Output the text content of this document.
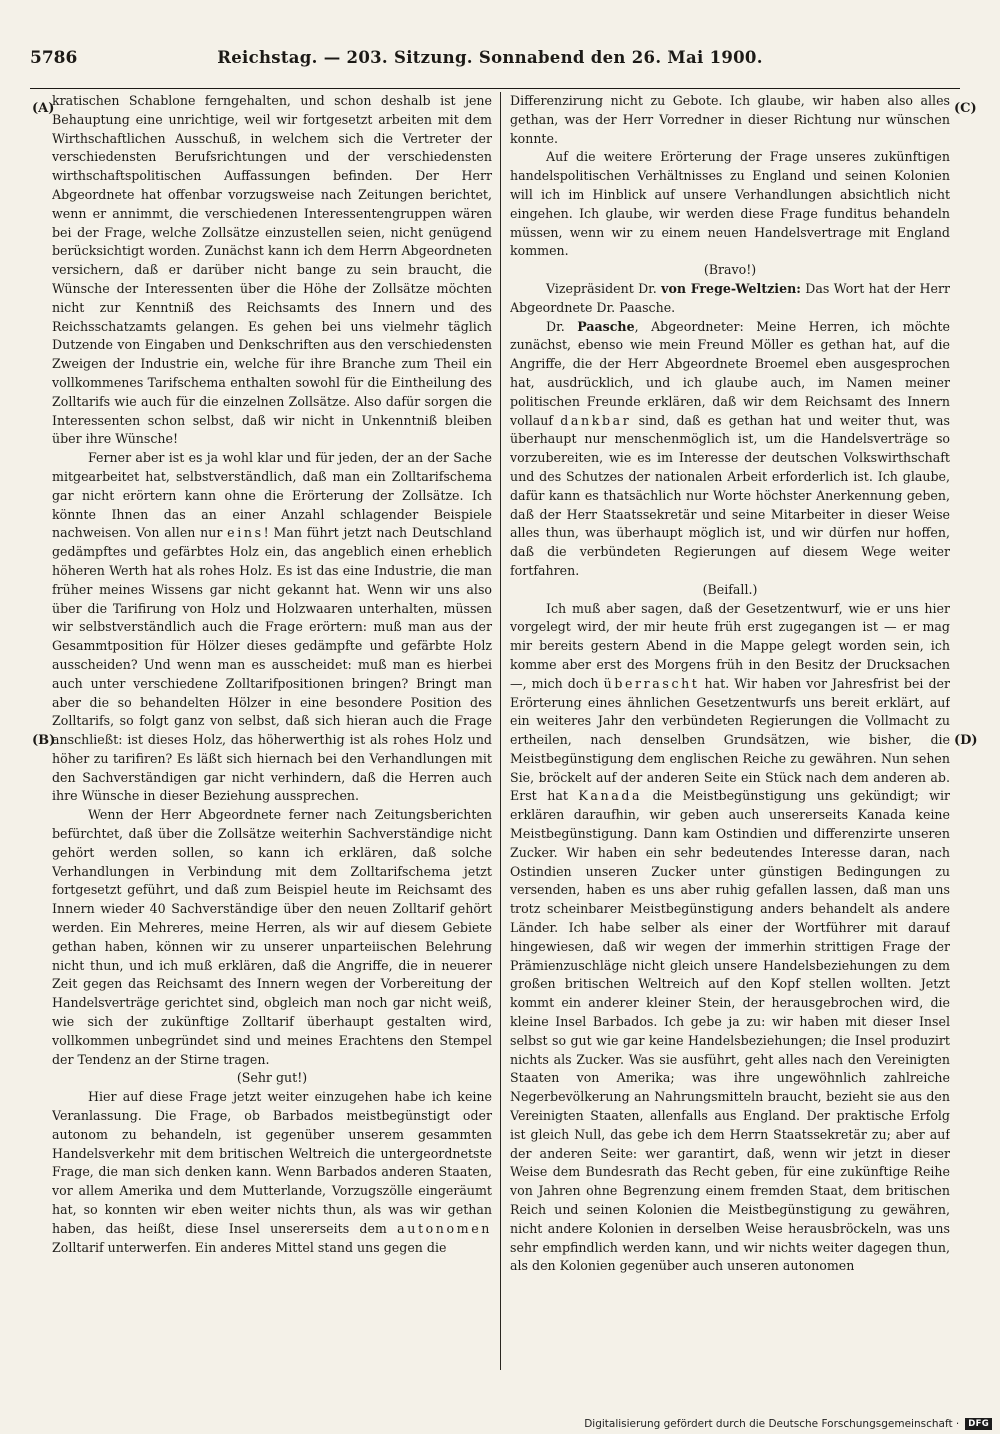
5786	Reichstag. — 203. Sitzung. Sonnabend den 26. Mai 1900.
(A)
(B)
(C)
(D)

kratischen Schablone ferngehalten, und schon deshalb ist jene Behauptung eine unrichtige, weil wir fortgesetzt arbeiten mit dem Wirthschaftlichen Ausschuß, in welchem sich die Vertreter der verschiedensten Berufsrichtungen und der verschiedensten wirthschaftspolitischen Auffassungen befinden. Der Herr Abgeordnete hat offenbar vorzugsweise nach Zeitungen berichtet, wenn er annimmt, die verschiedenen Interessentengruppen wären bei der Frage, welche Zollsätze einzustellen seien, nicht genügend berücksichtigt worden. Zunächst kann ich dem Herrn Abgeordneten versichern, daß er darüber nicht bange zu sein braucht, die Wünsche der Interessenten über die Höhe der Zollsätze möchten nicht zur Kenntniß des Reichsamts des Innern und des Reichsschatzamts gelangen. Es gehen bei uns vielmehr täglich Dutzende von Eingaben und Denkschriften aus den verschiedensten Zweigen der Industrie ein, welche für ihre Branche zum Theil ein vollkommenes Tarifschema enthalten sowohl für die Eintheilung des Zolltarifs wie auch für die einzelnen Zollsätze. Also dafür sorgen die Interessenten schon selbst, daß wir nicht in Unkenntniß bleiben über ihre Wünsche!

Ferner aber ist es ja wohl klar und für jeden, der an der Sache mitgearbeitet hat, selbstverständlich, daß man ein Zolltarifschema gar nicht erörtern kann ohne die Erörterung der Zollsätze. Ich könnte Ihnen das an einer Anzahl schlagender Beispiele nachweisen. Von allen nur eins! Man führt jetzt nach Deutschland gedämpftes und gefärbtes Holz ein, das angeblich einen erheblich höheren Werth hat als rohes Holz. Es ist das eine Industrie, die man früher meines Wissens gar nicht gekannt hat. Wenn wir uns also über die Tarifirung von Holz und Holzwaaren unterhalten, müssen wir selbstverständlich auch die Frage erörtern: muß man aus der Gesammtposition für Hölzer dieses gedämpfte und gefärbte Holz ausscheiden? Und wenn man es ausscheidet: muß man es hierbei auch unter verschiedene Zolltarifpositionen bringen? Bringt man aber die so behandelten Hölzer in eine besondere Position des Zolltarifs, so folgt ganz von selbst, daß sich hieran auch die Frage anschließt: ist dieses Holz, das höherwerthig ist als rohes Holz und höher zu tarifiren? Es läßt sich hiernach bei den Verhandlungen mit den Sachverständigen gar nicht verhindern, daß die Herren auch ihre Wünsche in dieser Beziehung aussprechen.

Wenn der Herr Abgeordnete ferner nach Zeitungsberichten befürchtet, daß über die Zollsätze weiterhin Sachverständige nicht gehört werden sollen, so kann ich erklären, daß solche Verhandlungen in Verbindung mit dem Zolltarifschema jetzt fortgesetzt geführt, und daß zum Beispiel heute im Reichsamt des Innern wieder 40 Sachverständige über den neuen Zolltarif gehört werden. Ein Mehreres, meine Herren, als wir auf diesem Gebiete gethan haben, können wir zu unserer unparteiischen Belehrung nicht thun, und ich muß erklären, daß die Angriffe, die in neuerer Zeit gegen das Reichsamt des Innern wegen der Vorbereitung der Handelsverträge gerichtet sind, obgleich man noch gar nicht weiß, wie sich der zukünftige Zolltarif überhaupt gestalten wird, vollkommen unbegründet sind und meines Erachtens den Stempel der Tendenz an der Stirne tragen.

(Sehr gut!)

Hier auf diese Frage jetzt weiter einzugehen habe ich keine Veranlassung. Die Frage, ob Barbados meistbegünstigt oder autonom zu behandeln, ist gegenüber unserem gesammten Handelsverkehr mit dem britischen Weltreich die untergeordnetste Frage, die man sich denken kann. Wenn Barbados anderen Staaten, vor allem Amerika und dem Mutterlande, Vorzugszölle eingeräumt hat, so konnten wir eben weiter nichts thun, als was wir gethan haben, das heißt, diese Insel unsererseits dem autonomen Zolltarif unterwerfen. Ein anderes Mittel stand uns gegen die

Differenzirung nicht zu Gebote. Ich glaube, wir haben also alles gethan, was der Herr Vorredner in dieser Richtung nur wünschen konnte.

Auf die weitere Erörterung der Frage unseres zukünftigen handelspolitischen Verhältnisses zu England und seinen Kolonien will ich im Hinblick auf unsere Verhandlungen absichtlich nicht eingehen. Ich glaube, wir werden diese Frage funditus behandeln müssen, wenn wir zu einem neuen Handelsvertrage mit England kommen.

(Bravo!)

Vizepräsident Dr. von Frege-Weltzien: Das Wort hat der Herr Abgeordnete Dr. Paasche.

Dr. Paasche, Abgeordneter: Meine Herren, ich möchte zunächst, ebenso wie mein Freund Möller es gethan hat, auf die Angriffe, die der Herr Abgeordnete Broemel eben ausgesprochen hat, ausdrücklich, und ich glaube auch, im Namen meiner politischen Freunde erklären, daß wir dem Reichsamt des Innern vollauf dankbar sind, daß es gethan hat und weiter thut, was überhaupt nur menschenmöglich ist, um die Handelsverträge so vorzubereiten, wie es im Interesse der deutschen Volkswirthschaft und des Schutzes der nationalen Arbeit erforderlich ist. Ich glaube, dafür kann es thatsächlich nur Worte höchster Anerkennung geben, daß der Herr Staatssekretär und seine Mitarbeiter in dieser Weise alles thun, was überhaupt möglich ist, und wir dürfen nur hoffen, daß die verbündeten Regierungen auf diesem Wege weiter fortfahren.

(Beifall.)

Ich muß aber sagen, daß der Gesetzentwurf, wie er uns hier vorgelegt wird, der mir heute früh erst zugegangen ist — er mag mir bereits gestern Abend in die Mappe gelegt worden sein, ich komme aber erst des Morgens früh in den Besitz der Drucksachen —, mich doch überrascht hat. Wir haben vor Jahresfrist bei der Erörterung eines ähnlichen Gesetzentwurfs uns bereit erklärt, auf ein weiteres Jahr den verbündeten Regierungen die Vollmacht zu ertheilen, nach denselben Grundsätzen, wie bisher, die Meistbegünstigung dem englischen Reiche zu gewähren. Nun sehen Sie, bröckelt auf der anderen Seite ein Stück nach dem anderen ab. Erst hat Kanada die Meistbegünstigung uns gekündigt; wir erklären daraufhin, wir geben auch unsererseits Kanada keine Meistbegünstigung. Dann kam Ostindien und differenzirte unseren Zucker. Wir haben ein sehr bedeutendes Interesse daran, nach Ostindien unseren Zucker unter günstigen Bedingungen zu versenden, haben es uns aber ruhig gefallen lassen, daß man uns trotz scheinbarer Meistbegünstigung anders behandelt als andere Länder. Ich habe selber als einer der Wortführer mit darauf hingewiesen, daß wir wegen der immerhin strittigen Frage der Prämienzuschläge nicht gleich unsere Handelsbeziehungen zu dem großen britischen Weltreich auf den Kopf stellen wollten. Jetzt kommt ein anderer kleiner Stein, der herausgebrochen wird, die kleine Insel Barbados. Ich gebe ja zu: wir haben mit dieser Insel selbst so gut wie gar keine Handelsbeziehungen; die Insel produzirt nichts als Zucker. Was sie ausführt, geht alles nach den Vereinigten Staaten von Amerika; was ihre ungewöhnlich zahlreiche Negerbevölkerung an Nahrungsmitteln braucht, bezieht sie aus den Vereinigten Staaten, allenfalls aus England. Der praktische Erfolg ist gleich Null, das gebe ich dem Herrn Staatssekretär zu; aber auf der anderen Seite: wer garantirt, daß, wenn wir jetzt in dieser Weise dem Bundesrath das Recht geben, für eine zukünftige Reihe von Jahren ohne Begrenzung einem fremden Staat, dem britischen Reich und seinen Kolonien die Meistbegünstigung zu gewähren, nicht andere Kolonien in derselben Weise herausbröckeln, was uns sehr empfindlich werden kann, und wir nichts weiter dagegen thun, als den Kolonien gegenüber auch unseren autonomen

Digitalisierung gefördert durch die Deutsche Forschungsgemeinschaft ·	DFG
